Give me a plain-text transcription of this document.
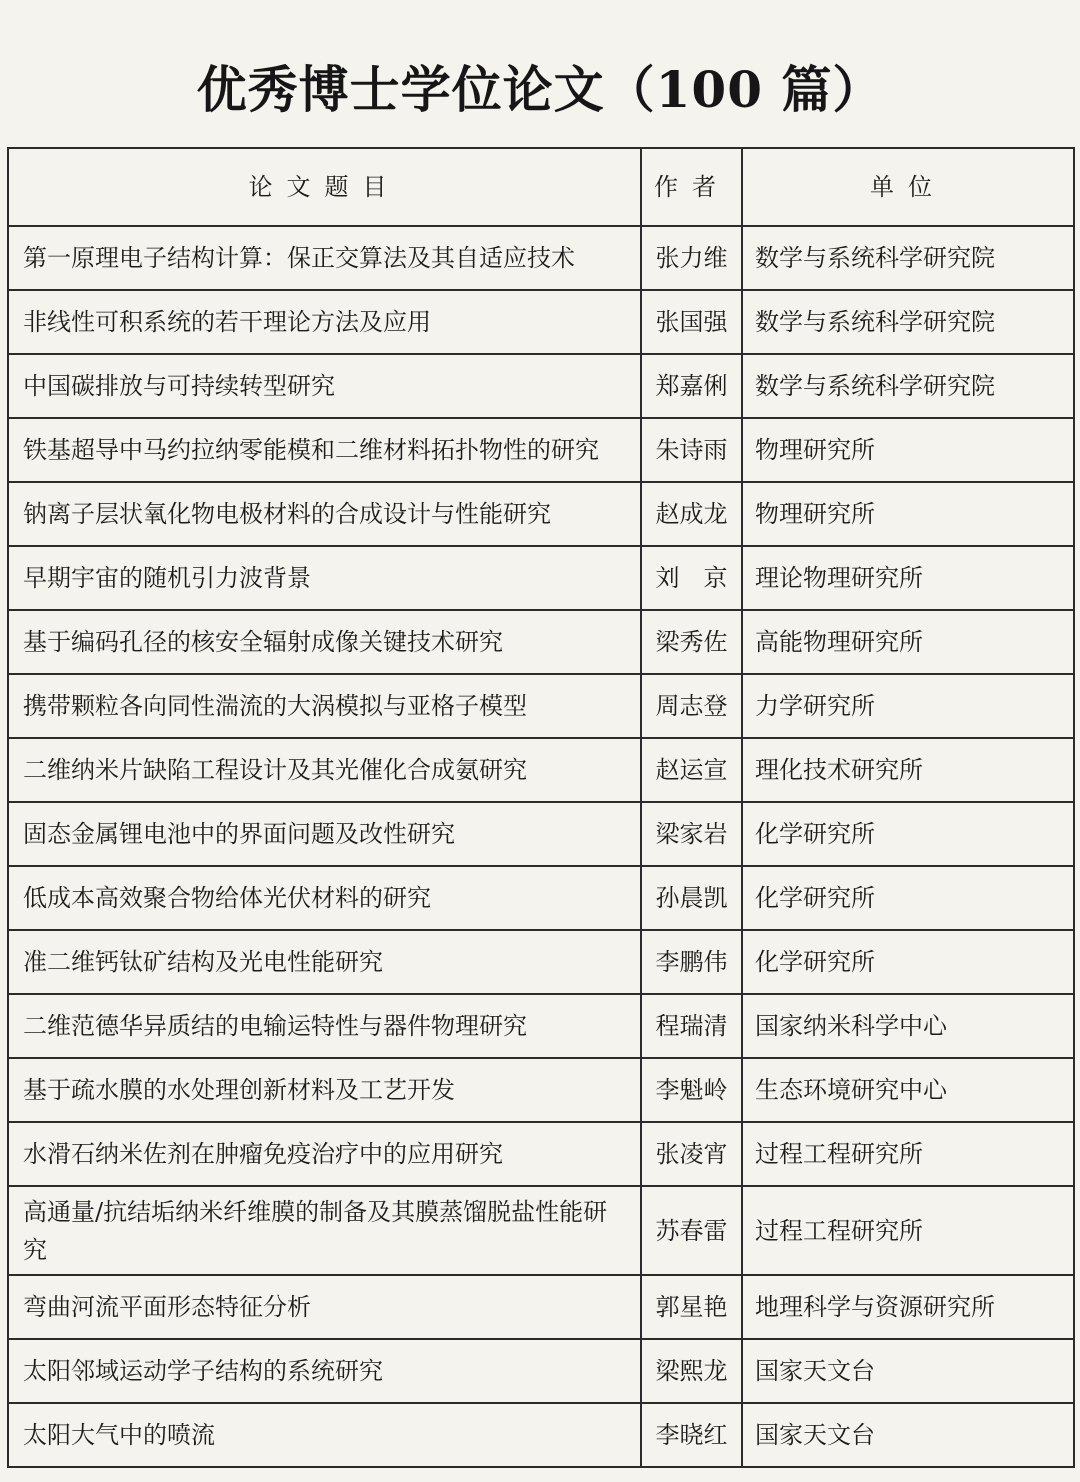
优秀博士学位论文（100 篇）
论文题目	作者	单位
第一原理电子结构计算：保正交算法及其自适应技术	张力维	数学与系统科学研究院
非线性可积系统的若干理论方法及应用	张国强	数学与系统科学研究院
中国碳排放与可持续转型研究	郑嘉俐	数学与系统科学研究院
铁基超导中马约拉纳零能模和二维材料拓扑物性的研究	朱诗雨	物理研究所
钠离子层状氧化物电极材料的合成设计与性能研究	赵成龙	物理研究所
早期宇宙的随机引力波背景	刘　京	理论物理研究所
基于编码孔径的核安全辐射成像关键技术研究	梁秀佐	高能物理研究所
携带颗粒各向同性湍流的大涡模拟与亚格子模型	周志登	力学研究所
二维纳米片缺陷工程设计及其光催化合成氨研究	赵运宣	理化技术研究所
固态金属锂电池中的界面问题及改性研究	梁家岩	化学研究所
低成本高效聚合物给体光伏材料的研究	孙晨凯	化学研究所
准二维钙钛矿结构及光电性能研究	李鹏伟	化学研究所
二维范德华异质结的电输运特性与器件物理研究	程瑞清	国家纳米科学中心
基于疏水膜的水处理创新材料及工艺开发	李魁岭	生态环境研究中心
水滑石纳米佐剂在肿瘤免疫治疗中的应用研究	张凌宵	过程工程研究所
高通量/抗结垢纳米纤维膜的制备及其膜蒸馏脱盐性能研究	苏春雷	过程工程研究所
弯曲河流平面形态特征分析	郭星艳	地理科学与资源研究所
太阳邻域运动学子结构的系统研究	梁熙龙	国家天文台
太阳大气中的喷流	李晓红	国家天文台
